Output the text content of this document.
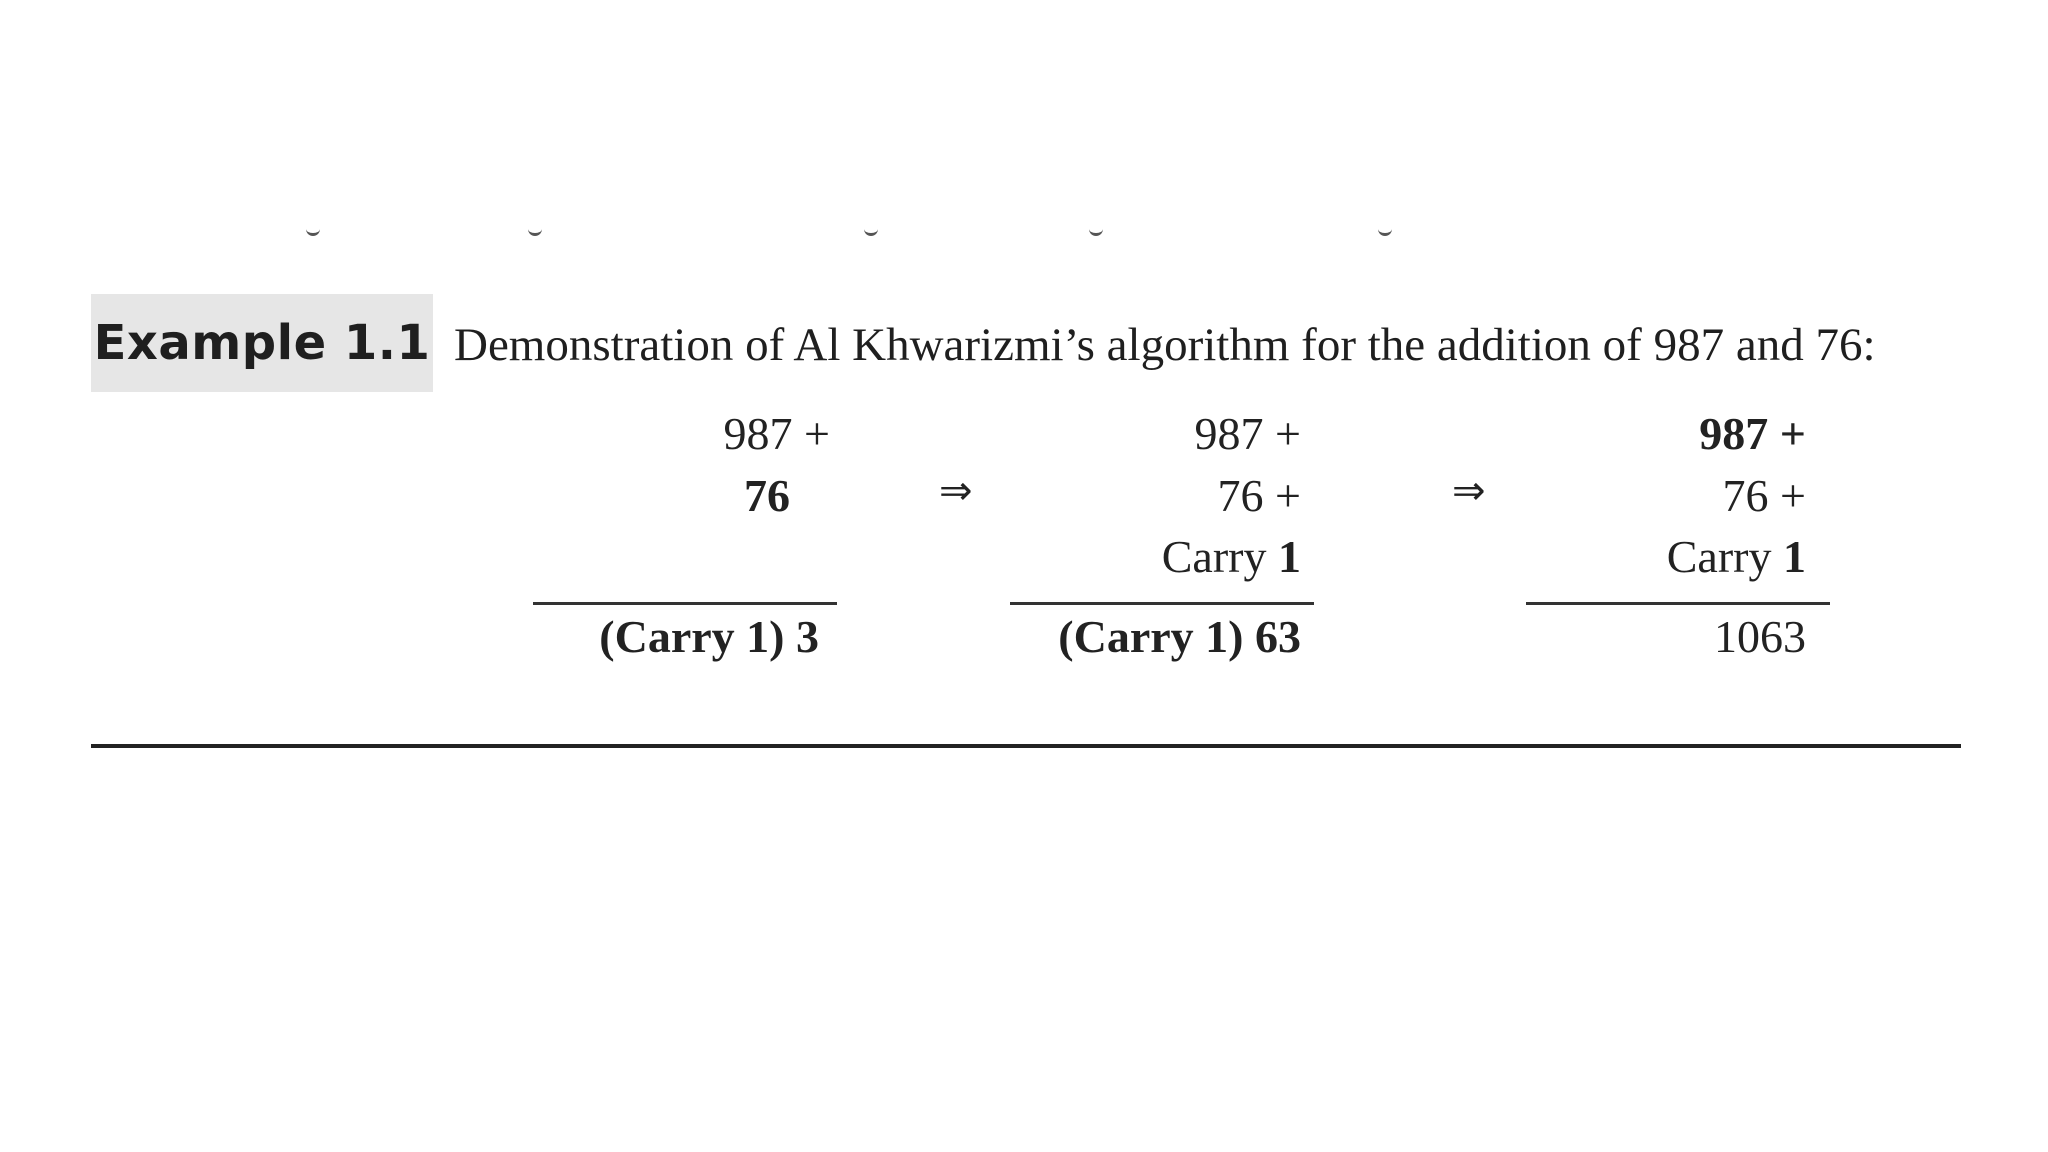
Example 1.1 Demonstration of Al Khwarizmi’s algorithm for the addition of 987 and 76:
987 +
76
(Carry 1) 3
⇒
987 +
76 +
Carry 1
(Carry 1) 63
⇒
987 +
76 +
Carry 1
1063
